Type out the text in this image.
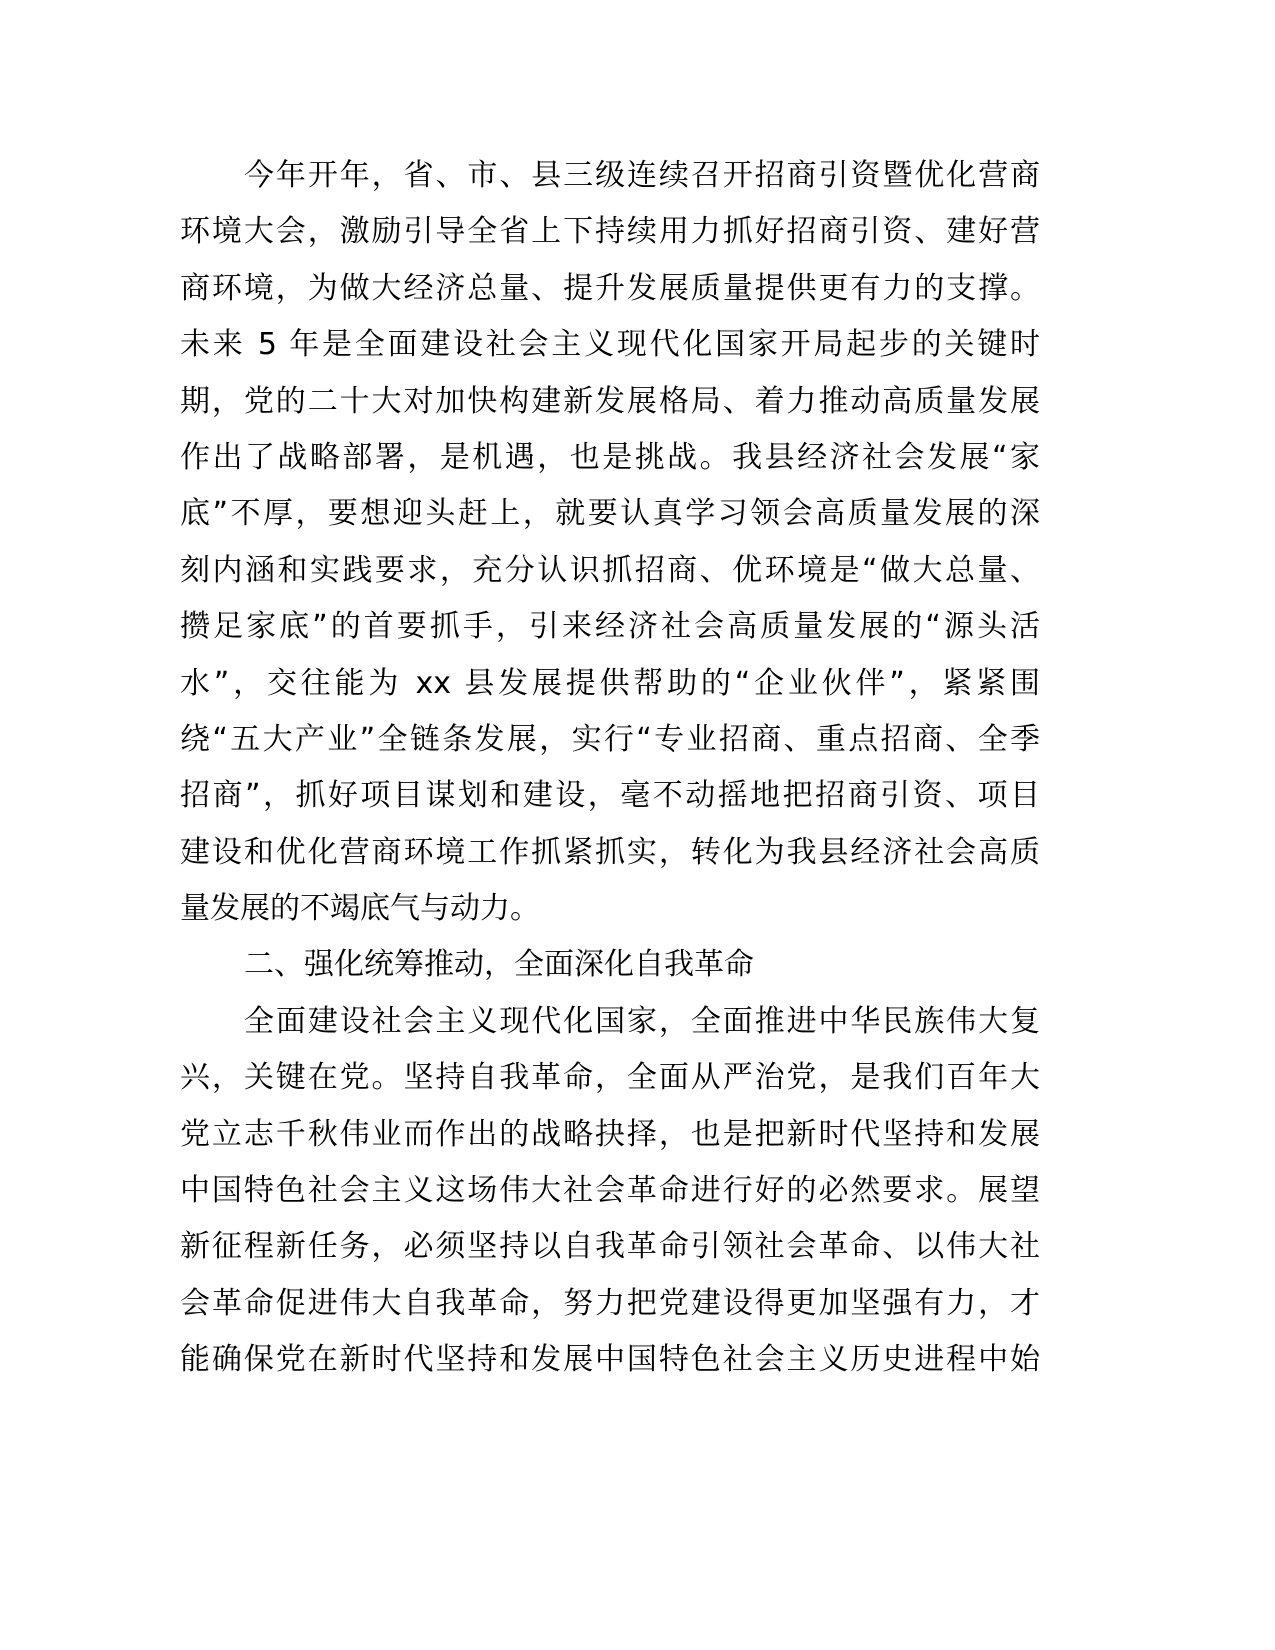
今年开年，省、市、县三级连续召开招商引资暨优化营商
环境大会，激励引导全省上下持续用力抓好招商引资、建好营
商环境，为做大经济总量、提升发展质量提供更有力的支撑。
未来 5 年是全面建设社会主义现代化国家开局起步的关键时
期，党的二十大对加快构建新发展格局、着力推动高质量发展
作出了战略部署，是机遇，也是挑战。我县经济社会发展“家
底”不厚，要想迎头赶上，就要认真学习领会高质量发展的深
刻内涵和实践要求，充分认识抓招商、优环境是“做大总量、
攒足家底”的首要抓手，引来经济社会高质量发展的“源头活
水”，交往能为 xx 县发展提供帮助的“企业伙伴”，紧紧围
绕“五大产业”全链条发展，实行“专业招商、重点招商、全季
招商”，抓好项目谋划和建设，毫不动摇地把招商引资、项目
建设和优化营商环境工作抓紧抓实，转化为我县经济社会高质
量发展的不竭底气与动力。
二、强化统筹推动，全面深化自我革命
全面建设社会主义现代化国家，全面推进中华民族伟大复
兴，关键在党。坚持自我革命，全面从严治党，是我们百年大
党立志千秋伟业而作出的战略抉择，也是把新时代坚持和发展
中国特色社会主义这场伟大社会革命进行好的必然要求。展望
新征程新任务，必须坚持以自我革命引领社会革命、以伟大社
会革命促进伟大自我革命，努力把党建设得更加坚强有力，才
能确保党在新时代坚持和发展中国特色社会主义历史进程中始
